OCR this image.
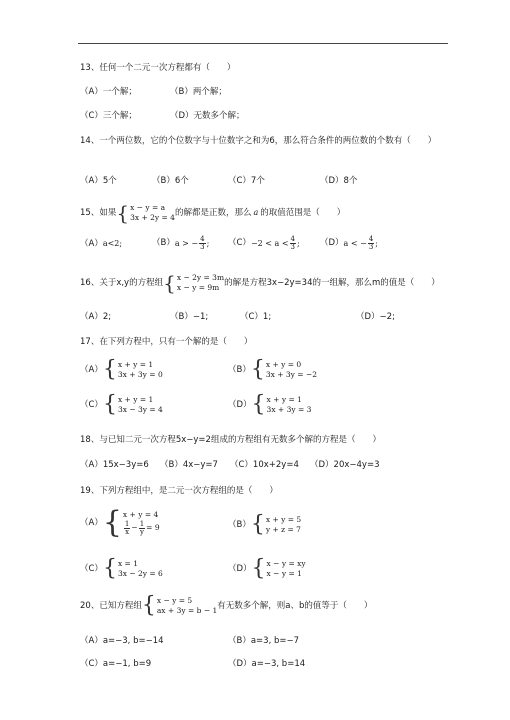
13、任何一个二元一次方程都有（　　）
（A）一个解；	（B）两个解；
（C）三个解；	（D）无数多个解；
14、一个两位数，它的个位数字与十位数字之和为6，那么符合条件的两位数的个数有（　　）
（A）5个	（B）6个	（C）7个	（D）8个
15、如果 { x − y = a
3x + 2y = 4 的解都是正数，那么 a 的取值范围是（　　）
（A） a<2;	（B） a > − $\frac{4}{3}$ ; $(C) -2 < a < \frac{4}{3}$ ; （D） a < − $\frac{4}{3}$ ;
16、关于x,y的方程组 { x − 2y = 3m
x − y = 9m 的解是方程3x−2y=34的一组解，那么m的值是（　　）
（A）2;	（B）−1;	（C）1;	（D）−2;
17、在下列方程中，只有一个解的是（　　）
（A） { x + y = 1
3x + 3y = 0	（B） { x + y = 0
3x + 3y = −2
（C） { x + y = 1
3x − 3y = 4	（D） { x + y = 1
3x + 3y = 3
18、与已知二元一次方程5x−y=2组成的方程组有无数多个解的方程是（　　）
（A）15x−3y=6 （B）4x−y=7 （C）10x+2y=4 （D）20x−4y=3
19、下列方程组中，是二元一次方程组的是（　　）
（A） { x + y = 4
$\frac{1}{x} - \frac{1}{y} = 9$	（B） { x + y = 5
y + z = 7
（C） { x = 1
3x − 2y = 6	（D） { x − y = xy
x − y = 1
20、已知方程组 { x − y = 5
ax + 3y = b − 1 有无数多个解，则a、b的值等于（　　）
（A）a=−3, b=−14	（B）a=3, b=−7
（C）a=−1, b=9	（D）a=−3, b=14
